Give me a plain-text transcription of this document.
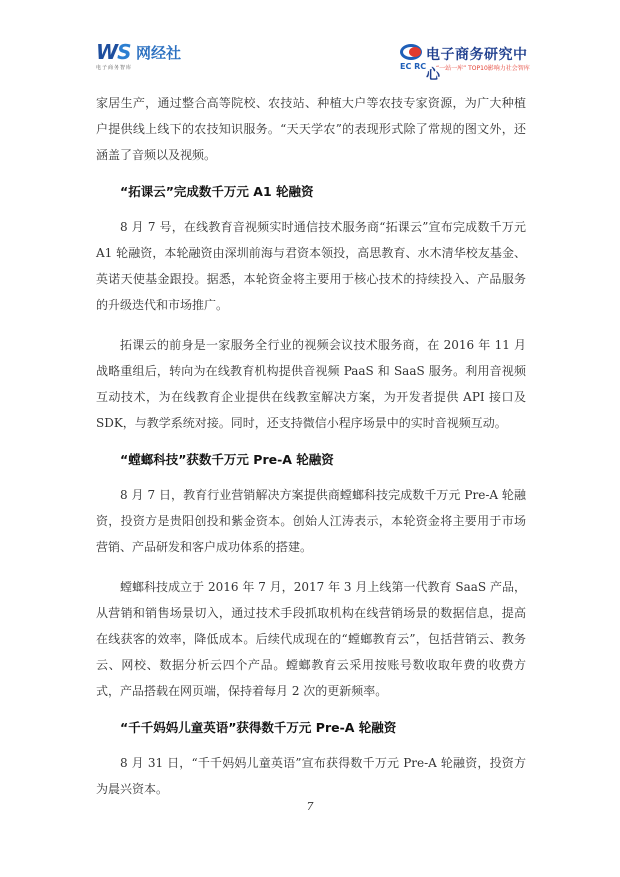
WS 网经社
电子商务智库	EC RC
电子商务研究中心
“一站一库” TOP10影响力社会智库

家居生产，通过整合高等院校、农技站、种植大户等农技专家资源，为广大种植户提供线上线下的农技知识服务。“天天学农”的表现形式除了常规的图文外，还涵盖了音频以及视频。

“拓课云”完成数千万元 A1 轮融资

8 月 7 号，在线教育音视频实时通信技术服务商“拓课云”宣布完成数千万元 A1 轮融资，本轮融资由深圳前海与君资本领投，高思教育、水木清华校友基金、英诺天使基金跟投。据悉，本轮资金将主要用于核心技术的持续投入、产品服务的升级迭代和市场推广。

拓课云的前身是一家服务全行业的视频会议技术服务商，在 2016 年 11 月战略重组后，转向为在线教育机构提供音视频 PaaS 和 SaaS 服务。利用音视频互动技术，为在线教育企业提供在线教室解决方案，为开发者提供 API 接口及 SDK，与教学系统对接。同时，还支持微信小程序场景中的实时音视频互动。

“螳螂科技”获数千万元 Pre-A 轮融资

8 月 7 日，教育行业营销解决方案提供商螳螂科技完成数千万元 Pre-A 轮融资，投资方是贵阳创投和紫金资本。创始人江涛表示，本轮资金将主要用于市场营销、产品研发和客户成功体系的搭建。

螳螂科技成立于 2016 年 7 月，2017 年 3 月上线第一代教育 SaaS 产品，从营销和销售场景切入，通过技术手段抓取机构在线营销场景的数据信息，提高在线获客的效率，降低成本。后续代成现在的“螳螂教育云”，包括营销云、教务云、网校、数据分析云四个产品。螳螂教育云采用按账号数收取年费的收费方式，产品搭载在网页端，保持着每月 2 次的更新频率。

“千千妈妈儿童英语”获得数千万元 Pre-A 轮融资

8 月 31 日，“千千妈妈儿童英语”宣布获得数千万元 Pre-A 轮融资，投资方为晨兴资本。

7
